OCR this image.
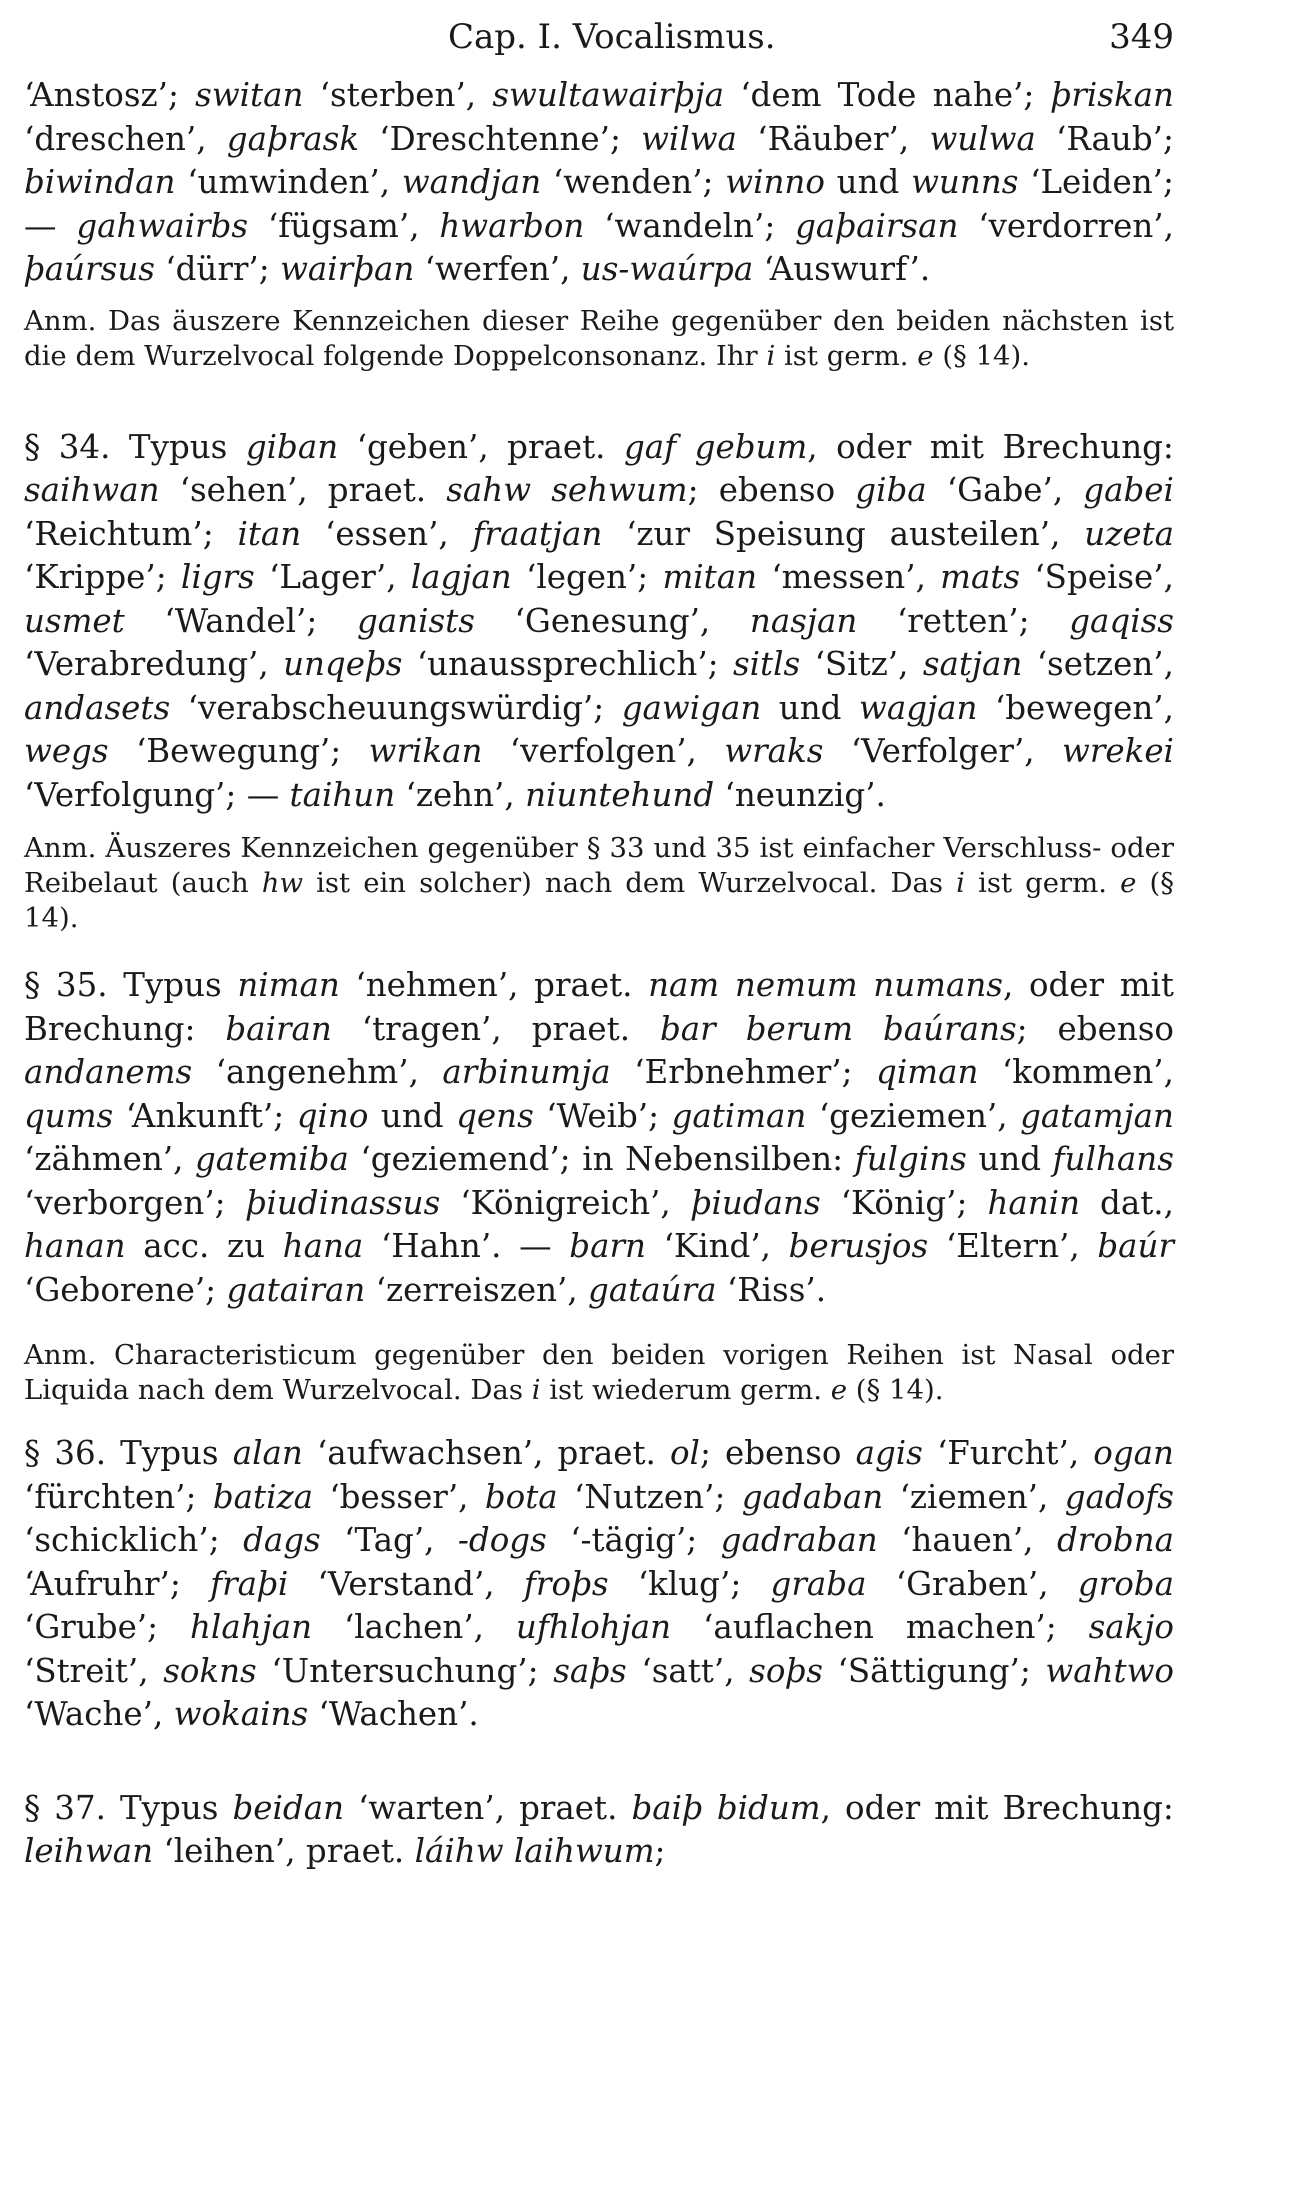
Cap. I. Vocalismus.	349

‘Anstosz’; switan ‘sterben’, swultawairþja ‘dem Tode nahe’; þriskan ‘dreschen’, gaþrask ‘Dreschtenne’; wilwa ‘Räuber’, wulwa ‘Raub’; biwindan ‘umwinden’, wandjan ‘wenden’; winno und wunns ‘Leiden’; — gahwairbs ‘fügsam’, hwarbon ‘wandeln’; gaþairsan ‘verdorren’, þaúrsus ‘dürr’; wairþan ‘werfen’, us-waúrpa ‘Auswurf’.

Anm. Das äuszere Kennzeichen dieser Reihe gegenüber den beiden nächsten ist die dem Wurzelvocal folgende Doppelconsonanz. Ihr i ist germ. e (§ 14).

§ 34. Typus giban ‘geben’, praet. gaf gebum, oder mit Brechung: saihwan ‘sehen’, praet. sahw sehwum; ebenso giba ‘Gabe’, gabei ‘Reichtum’; itan ‘essen’, fraatjan ‘zur Speisung austeilen’, uzeta ‘Krippe’; ligrs ‘Lager’, lagjan ‘legen’; mitan ‘messen’, mats ‘Speise’, usmet ‘Wandel’; ganists ‘Genesung’, nasjan ‘retten’; gaqiss ‘Verabredung’, unqeþs ‘unaussprechlich’; sitls ‘Sitz’, satjan ‘setzen’, andasets ‘verabscheuungswürdig’; gawigan und wagjan ‘bewegen’, wegs ‘Bewegung’; wrikan ‘verfolgen’, wraks ‘Verfolger’, wrekei ‘Verfolgung’; — taihun ‘zehn’, niuntehund ‘neunzig’.

Anm. Äuszeres Kennzeichen gegenüber § 33 und 35 ist einfacher Verschluss- oder Reibelaut (auch hw ist ein solcher) nach dem Wurzelvocal. Das i ist germ. e (§ 14).

§ 35. Typus niman ‘nehmen’, praet. nam nemum numans, oder mit Brechung: bairan ‘tragen’, praet. bar berum baúrans; ebenso andanems ‘angenehm’, arbinumja ‘Erbnehmer’; qiman ‘kommen’, qums ‘Ankunft’; qino und qens ‘Weib’; gatiman ‘geziemen’, gatamjan ‘zähmen’, gatemiba ‘geziemend’; in Nebensilben: fulgins und fulhans ‘verborgen’; þiudinassus ‘Königreich’, þiudans ‘König’; hanin dat., hanan acc. zu hana ‘Hahn’. — barn ‘Kind’, berusjos ‘Eltern’, baúr ‘Geborene’; gatairan ‘zerreiszen’, gataúra ‘Riss’.

Anm. Characteristicum gegenüber den beiden vorigen Reihen ist Nasal oder Liquida nach dem Wurzelvocal. Das i ist wiederum germ. e (§ 14).

§ 36. Typus alan ‘aufwachsen’, praet. ol; ebenso agis ‘Furcht’, ogan ‘fürchten’; batiza ‘besser’, bota ‘Nutzen’; gadaban ‘ziemen’, gadofs ‘schicklich’; dags ‘Tag’, -dogs ‘-tägig’; gadraban ‘hauen’, drobna ‘Aufruhr’; fraþi ‘Verstand’, froþs ‘klug’; graba ‘Graben’, groba ‘Grube’; hlahjan ‘lachen’, ufhlohjan ‘auflachen machen’; sakjo ‘Streit’, sokns ‘Untersuchung’; saþs ‘satt’, soþs ‘Sättigung’; wahtwo ‘Wache’, wokains ‘Wachen’.

§ 37. Typus beidan ‘warten’, praet. baiþ bidum, oder mit Brechung: leihwan ‘leihen’, praet. láihw laihwum;
